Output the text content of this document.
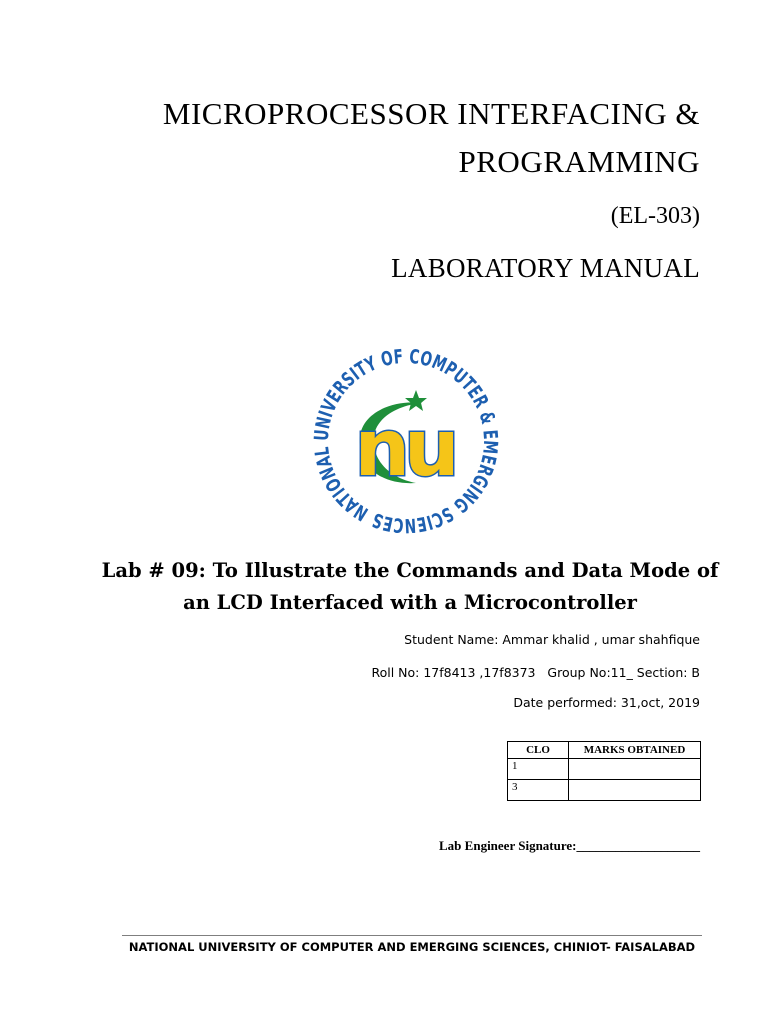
MICROPROCESSOR INTERFACING &
PROGRAMMING
(EL-303)
LABORATORY MANUAL
NATIONAL UNIVERSITY OF COMPUTER & EMERGING SCIENCES
nu
Lab # 09: To Illustrate the Commands and Data Mode of
an LCD Interfaced with a Microcontroller
Student Name: Ammar khalid , umar shahfique
Roll No: 17f8413 ,17f8373   Group No:11_ Section: B
Date performed: 31,oct, 2019
CLO	MARKS OBTAINED
1	
3	
Lab Engineer Signature:___________________
NATIONAL UNIVERSITY OF COMPUTER AND EMERGING SCIENCES, CHINIOT- FAISALABAD
